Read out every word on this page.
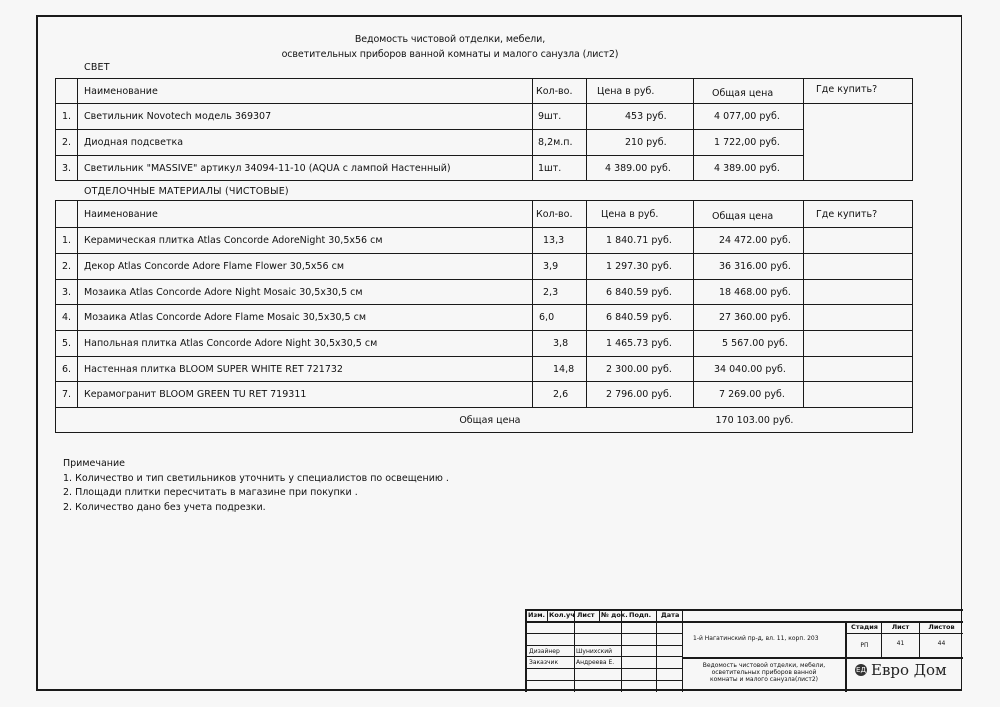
Ведомость чистовой отделки, мебели,
осветительных приборов ванной комнаты и малого санузла (лист2)
СВЕТ
	Наименование	Кол-во.	Цена в руб.	Общая цена	Где купить?
1.	Светильник Novotech модель 369307	9шт.	453 руб.	4 077,00 руб.	
2.	Диодная подсветка	8,2м.п.	210 руб.	1 722,00 руб.	
3.	Светильник "MASSIVE" артикул 34094-11-10 (AQUA с лампой Настенный)	1шт.	4 389.00 руб.	4 389.00 руб.	
ОТДЕЛОЧНЫЕ МАТЕРИАЛЫ (ЧИСТОВЫЕ)
	Наименование	Кол-во.	Цена в руб.	Общая цена	Где купить?
1.	Керамическая плитка Atlas Concorde AdoreNight 30,5x56 см	13,3	1 840.71 руб.	24 472.00 руб.	
2.	Декор Atlas Concorde Adore Flame Flower 30,5x56 см	3,9	1 297.30 руб.	36 316.00 руб.	
3.	Мозаика Atlas Concorde Adore Night Mosaic 30,5x30,5 см	2,3	6 840.59 руб.	18 468.00 руб.	
4.	Мозаика Atlas Concorde Adore Flame Mosaic 30,5x30,5 см	6,0	6 840.59 руб.	27 360.00 руб.	
5.	Напольная плитка Atlas Concorde Adore Night 30,5x30,5 см	3,8	1 465.73 руб.	5 567.00 руб.	
6.	Настенная плитка BLOOM SUPER WHITE RET 721732	14,8	2 300.00 руб.	34 040.00 руб.	
7.	Керамогранит BLOOM GREEN TU RET 719311	2,6	2 796.00 руб.	7 269.00 руб.	
Общая цена		170 103.00 руб.			
Примечание
1. Количество и тип светильников уточнить у специалистов по освещению .
2. Площади плитки пересчитать в магазине при покупки .
2. Количество дано без учета подрезки.
Изм. Кол.уч Лист № док. Подп. Дата
Дизайнер	Шунихский
Заказчик	Андреева Е.
1-й Нагатинский пр-д, вл. 11, корп. 203
Ведомость чистовой отделки, мебели,
осветительных приборов ванной
комнаты и малого санузла(лист2)
Стадия	Лист	Листов
РП	41	44
ЕД Евро Дом
